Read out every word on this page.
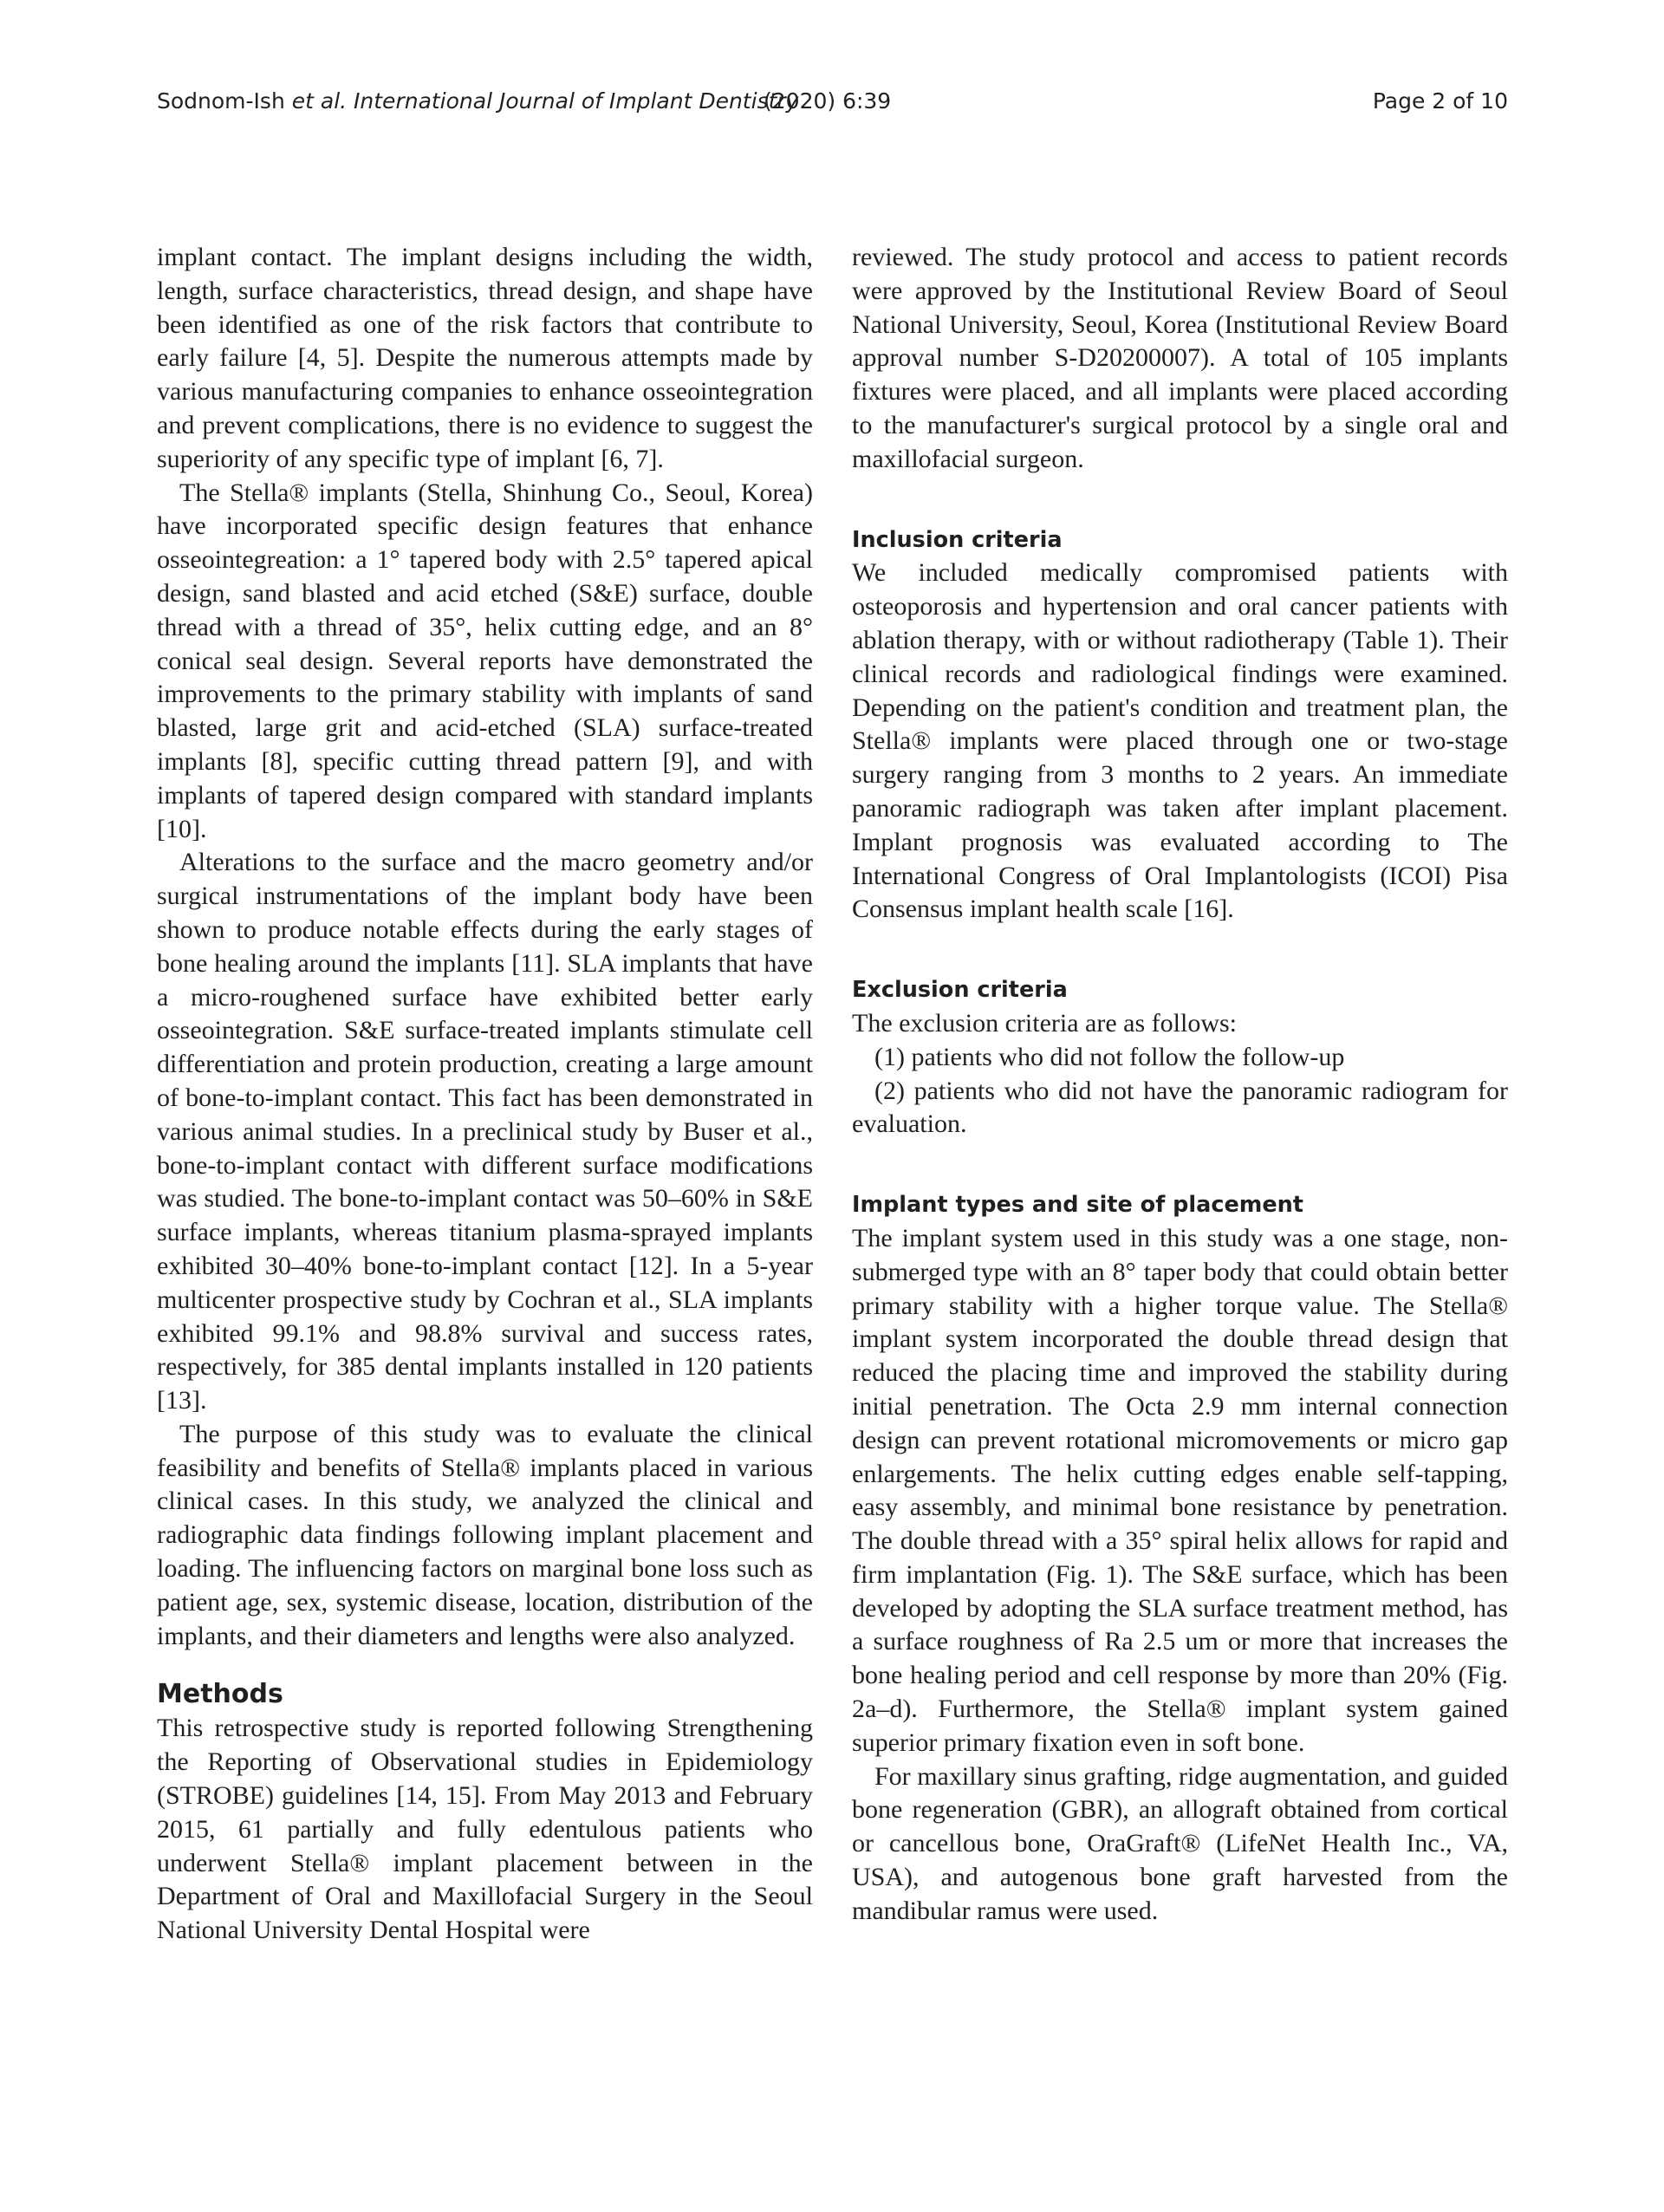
Sodnom-Ish et al. International Journal of Implant Dentistry
(2020) 6:39	Page 2 of 10

implant contact. The implant designs including the width, length, surface characteristics, thread design, and shape have been identified as one of the risk factors that contribute to early failure [4, 5]. Despite the numerous attempts made by various manufacturing companies to enhance osseointegration and prevent complications, there is no evidence to suggest the superiority of any specific type of implant [6, 7].

The Stella® implants (Stella, Shinhung Co., Seoul, Korea) have incorporated specific design features that enhance osseointegreation: a 1° tapered body with 2.5° tapered apical design, sand blasted and acid etched (S&E) surface, double thread with a thread of 35°, helix cutting edge, and an 8° conical seal design. Several reports have demonstrated the improvements to the primary stability with implants of sand blasted, large grit and acid-etched (SLA) surface-treated implants [8], specific cutting thread pattern [9], and with implants of tapered design compared with standard implants [10].

Alterations to the surface and the macro geometry and/or surgical instrumentations of the implant body have been shown to produce notable effects during the early stages of bone healing around the implants [11]. SLA implants that have a micro-roughened surface have exhibited better early osseointegration. S&E surface-treated implants stimulate cell differentiation and protein production, creating a large amount of bone-to-implant contact. This fact has been demonstrated in various animal studies. In a preclinical study by Buser et al., bone-to-implant contact with different surface modifications was studied. The bone-to-implant contact was 50–60% in S&E surface implants, whereas titanium plasma-sprayed implants exhibited 30–40% bone-to-implant contact [12]. In a 5-year multicenter prospective study by Cochran et al., SLA implants exhibited 99.1% and 98.8% survival and success rates, respectively, for 385 dental implants installed in 120 patients [13].

The purpose of this study was to evaluate the clinical feasibility and benefits of Stella® implants placed in various clinical cases. In this study, we analyzed the clinical and radiographic data findings following implant placement and loading. The influencing factors on marginal bone loss such as patient age, sex, systemic disease, location, distribution of the implants, and their diameters and lengths were also analyzed.

Methods

This retrospective study is reported following Strengthening the Reporting of Observational studies in Epidemiology (STROBE) guidelines [14, 15]. From May 2013 and February 2015, 61 partially and fully edentulous patients who underwent Stella® implant placement between in the Department of Oral and Maxillofacial Surgery in the Seoul National University Dental Hospital were

reviewed. The study protocol and access to patient records were approved by the Institutional Review Board of Seoul National University, Seoul, Korea (Institutional Review Board approval number S-D20200007). A total of 105 implants fixtures were placed, and all implants were placed according to the manufacturer's surgical protocol by a single oral and maxillofacial surgeon.

Inclusion criteria

We included medically compromised patients with osteoporosis and hypertension and oral cancer patients with ablation therapy, with or without radiotherapy (Table 1). Their clinical records and radiological findings were examined. Depending on the patient's condition and treatment plan, the Stella® implants were placed through one or two-stage surgery ranging from 3 months to 2 years. An immediate panoramic radiograph was taken after implant placement. Implant prognosis was evaluated according to The International Congress of Oral Implantologists (ICOI) Pisa Consensus implant health scale [16].

Exclusion criteria

The exclusion criteria are as follows:

(1) patients who did not follow the follow-up

(2) patients who did not have the panoramic radiogram for evaluation.

Implant types and site of placement

The implant system used in this study was a one stage, non-submerged type with an 8° taper body that could obtain better primary stability with a higher torque value. The Stella® implant system incorporated the double thread design that reduced the placing time and improved the stability during initial penetration. The Octa 2.9 mm internal connection design can prevent rotational micromovements or micro gap enlargements. The helix cutting edges enable self-tapping, easy assembly, and minimal bone resistance by penetration. The double thread with a 35° spiral helix allows for rapid and firm implantation (Fig. 1). The S&E surface, which has been developed by adopting the SLA surface treatment method, has a surface roughness of Ra 2.5 um or more that increases the bone healing period and cell response by more than 20% (Fig. 2a–d). Furthermore, the Stella® implant system gained superior primary fixation even in soft bone.

For maxillary sinus grafting, ridge augmentation, and guided bone regeneration (GBR), an allograft obtained from cortical or cancellous bone, OraGraft® (LifeNet Health Inc., VA, USA), and autogenous bone graft harvested from the mandibular ramus were used.
